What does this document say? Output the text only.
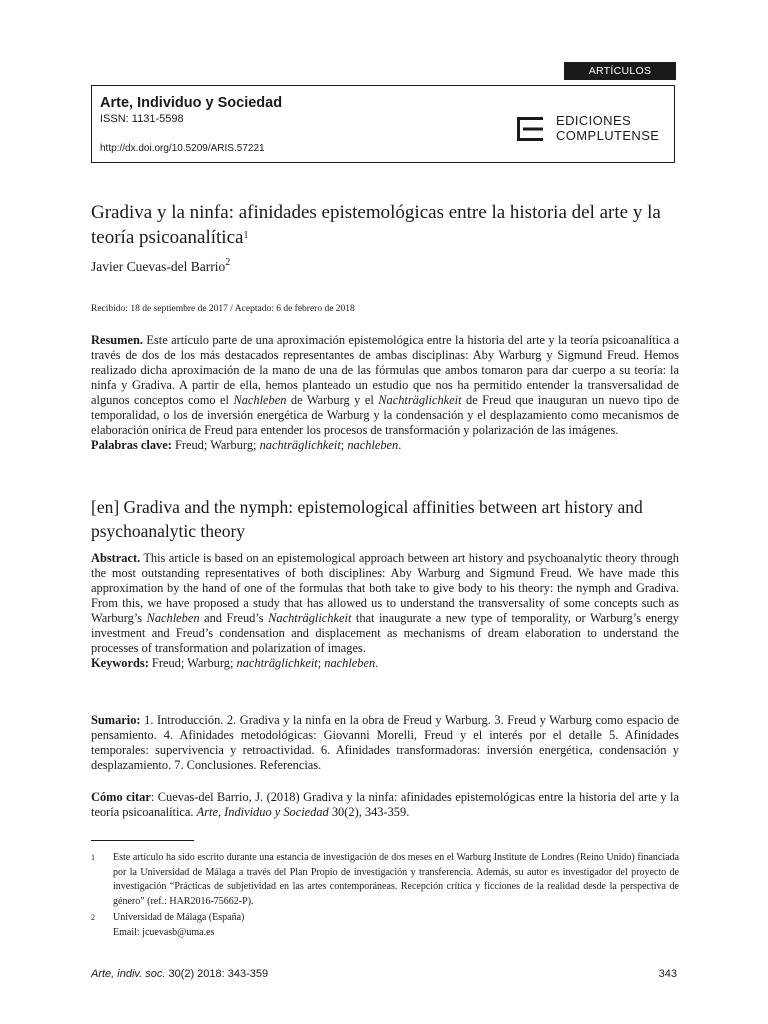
ARTÍCULOS
Arte, Individuo y Sociedad
ISSN: 1131-5598
http://dx.doi.org/10.5209/ARIS.57221
EDICIONES
COMPLUTENSE
Gradiva y la ninfa: afinidades epistemológicas entre la historia del arte y la teoría psicoanalítica$^1$
Javier Cuevas-del Barrio$^2$
Recibido: 18 de septiembre de 2017 / Aceptado: 6 de febrero de 2018

Resumen. Este artículo parte de una aproximación epistemológica entre la historia del arte y la teoría psicoanalítica a través de dos de los más destacados representantes de ambas disciplinas: Aby Warburg y Sigmund Freud. Hemos realizado dicha aproximación de la mano de una de las fórmulas que ambos tomaron para dar cuerpo a su teoría: la ninfa y Gradiva. A partir de ella, hemos planteado un estudio que nos ha permitido entender la transversalidad de algunos conceptos como el Nachleben de Warburg y el Nachträglichkeit de Freud que inauguran un nuevo tipo de temporalidad, o los de inversión energética de Warburg y la condensación y el desplazamiento como mecanismos de elaboración onírica de Freud para entender los procesos de transformación y polarización de las imágenes.

Palabras clave: Freud; Warburg; nachträglichkeit; nachleben.

[en] Gradiva and the nymph: epistemological affinities between art history and psychoanalytic theory

Abstract. This article is based on an epistemological approach between art history and psychoanalytic theory through the most outstanding representatives of both disciplines: Aby Warburg and Sigmund Freud. We have made this approximation by the hand of one of the formulas that both take to give body to his theory: the nymph and Gradiva. From this, we have proposed a study that has allowed us to understand the transversality of some concepts such as Warburg’s Nachleben and Freud’s Nachträglichkeit that inaugurate a new type of temporality, or Warburg’s energy investment and Freud’s condensation and displacement as mechanisms of dream elaboration to understand the processes of transformation and polarization of images.

Keywords: Freud; Warburg; nachträglichkeit; nachleben.

Sumario: 1. Introducción. 2. Gradiva y la ninfa en la obra de Freud y Warburg. 3. Freud y Warburg como espacio de pensamiento. 4. Afinidades metodológicas: Giovanni Morelli, Freud y el interés por el detalle 5. Afinidades temporales: supervivencia y retroactividad. 6. Afinidades transformadoras: inversión energética, condensación y desplazamiento. 7. Conclusiones. Referencias.

Cómo citar: Cuevas-del Barrio, J. (2018) Gradiva y la ninfa: afinidades epistemológicas entre la historia del arte y la teoría psicoanalítica. Arte, Individuo y Sociedad 30(2), 343-359.

1 Este artículo ha sido escrito durante una estancia de investigación de dos meses en el Warburg Institute de Londres (Reino Unido) financiada por la Universidad de Málaga a través del Plan Propio de investigación y transferencia. Además, su autor es investigador del proyecto de investigación “Prácticas de subjetividad en las artes contemporáneas. Recepción crítica y ficciones de la realidad desde la perspectiva de género” (ref.: HAR2016-75662-P).
2 Universidad de Málaga (España)
Email: jcuevasb@uma.es
Arte, indiv. soc. 30(2) 2018: 343-359	343
